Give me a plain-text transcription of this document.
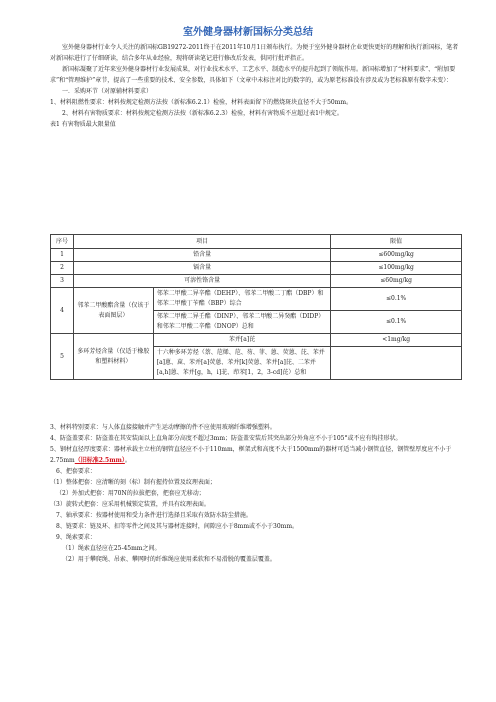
室外健身器材新国标分类总结

室外健身器材行业令人关注的新国标GB19272-2011终于在2011年10月1日颁布执行。为便于室外健身器材企业更快更好的理解和执行新国标，笔者对新国标进行了仔细研读，结合多年从业经验，现将研读笔记进行修改后发表，供同行批评指正。

新国标凝聚了近年来室外健身器材行业发展成果，对行业技术水平、工艺水平、制造水平的提升起到了领航作用。新国标增加了“材料要求”、“附加要求”和“管理维护”章节，提高了一些重要的技术、安全参数，具体如下（文章中未标注对比的数字的，或为原老标准没有涉及或为老标准原有数字未变）：

一．采购环节（对原辅材料要求）

1、材料阻燃性要求：材料按规定检测方法按（新标准6.2.1）检验，材料表面留下的燃烧斑块直径不大于50mm。

2、材料有害物质要求：材料按规定检测方法按（新标准6.2.3）检验，材料有害物质不应超过表1中规定。

表1 有害物质最大限量值

序号	项目		限值
1	铅含量		≤600mg/kg
2	镉含量		≤100mg/kg
3	可溶性铬含量		≤60mg/kg
4	邻苯二甲酸酯含量（仅该于表面图层）	邻苯二甲酸二异辛酯（DEHP）、邻苯二甲酸二丁酯（DBP）和邻苯二甲酸丁苄酯（BBP）综合	≤0.1%
		邻苯二甲酸二异壬酯（DINP）、邻苯二甲酸二异癸酯（DIDP）和邻苯二甲酸二辛酯（DNOP）总和	≤0.1%
5	多环芳烃含量（仅适于橡胶和塑料材料）	苯并[a]芘	<1mg/kg
		十六种多环芳烃（萘、苊烯、苊、芴、菲、蒽、荧蒽、芘、苯并[a]蒽、䓛、苯并[a]荧蒽、苯并[k]荧蒽、苯并[a]芘、二苯并[a,h]蒽、苯并[g，h，i]苝、茚苯[1，2，3-cd]芘）总和	

3、材料特别要求：与人体直接接触并产生运动摩擦的件不应使用玻璃纤维增强塑料。

4、防盗盖要求：防盗盖在其安装面以上直角部分高度不超过3mm；防盗盖安装后其突出部分外角应不小于105°或不应有钩挂形状。

5、钢材直径厚度要求：器材承载主立柱的钢管直径应不小于110mm，框架式和高度不大于1500mm的器材可适当减小钢管直径，钢管壁厚度应不小于2.75mm（旧标准2.5mm）。

6、把套要求：

（1）整体把套：应清晰的刻（标）制有握持位置及纹理表面；

（2）外加式把套：用70N的拉拔把套，把套应无移动；

（3）旋转式把套：应采用机械锁定装置，并具有纹理表面。

7、轴承要求：按器材使用和受力条件进行选择且采取有效防水防尘措施。

8、链要求：链及环、扣等零件之间及其与器材连接时，间隙应小于8mm或不小于30mm。

9、绳索要求：

（1）绳索直径应在25-45mm之间。

（2）用于攀爬绳、吊索、攀网时的纤维绳应使用柔软和不易滑脱的覆盖层覆盖。
